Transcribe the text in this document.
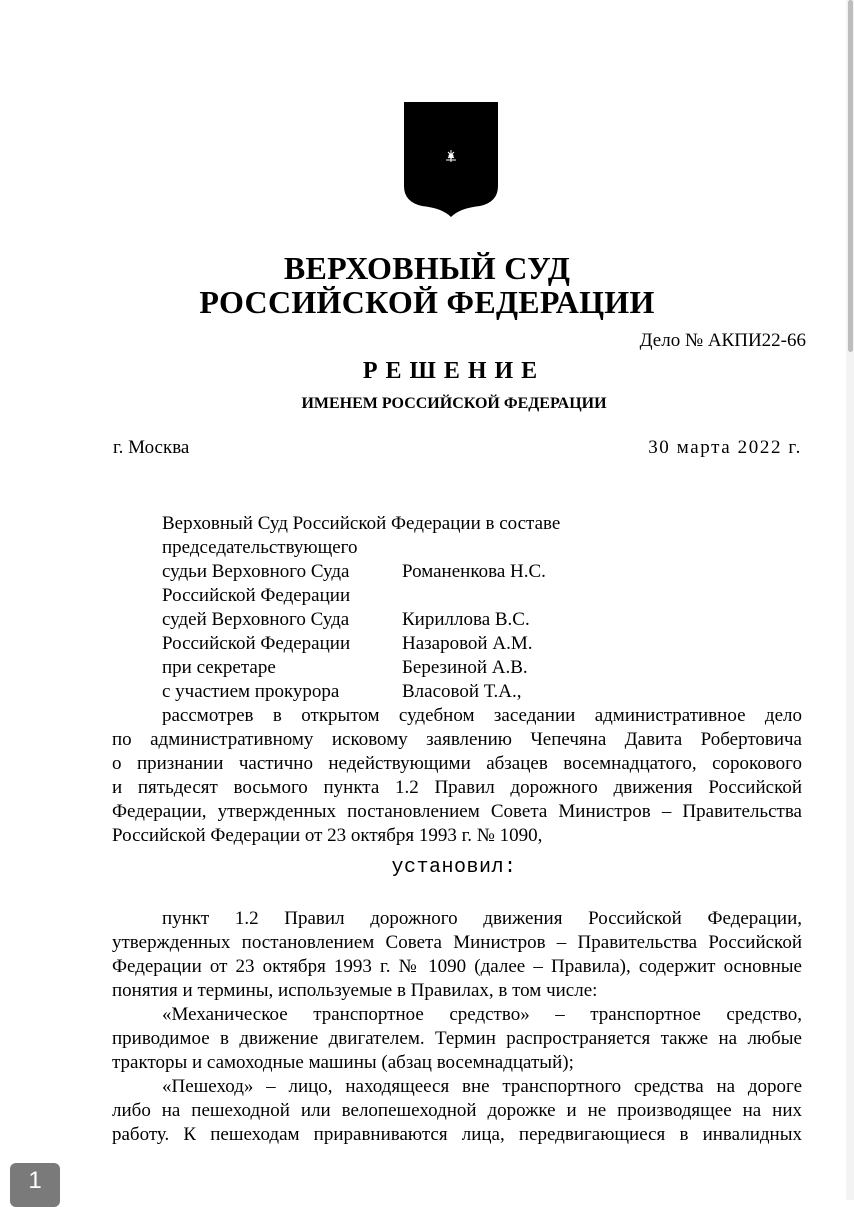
ВЕРХОВНЫЙ СУД
РОССИЙСКОЙ ФЕДЕРАЦИИ
Дело № АКПИ22-66
РЕШЕНИЕ
ИМЕНЕМ РОССИЙСКОЙ ФЕДЕРАЦИИ
г. Москва	30 марта 2022 г.
Верховный Суд Российской Федерации в составе
председательствующего
судьи Верховного Суда	Романенкова Н.С.
Российской Федерации
судей Верховного Суда	Кириллова В.С.
Российской Федерации	Назаровой А.М.
при секретаре	Березиной А.В.
с участием прокурора	Власовой Т.А.,
рассмотрев в открытом судебном заседании административное дело
по административному исковому заявлению Чепечяна Давита Робертовича
о признании частично недействующими абзацев восемнадцатого, сорокового
и пятьдесят восьмого пункта 1.2 Правил дорожного движения Российской
Федерации, утвержденных постановлением Совета Министров – Правительства
Российской Федерации от 23 октября 1993 г. № 1090,
установил:
пункт 1.2 Правил дорожного движения Российской Федерации,
утвержденных постановлением Совета Министров – Правительства Российской
Федерации от 23 октября 1993 г. № 1090 (далее – Правила), содержит основные
понятия и термины, используемые в Правилах, в том числе:
«Механическое транспортное средство» – транспортное средство,
приводимое в движение двигателем. Термин распространяется также на любые
тракторы и самоходные машины (абзац восемнадцатый);
«Пешеход» – лицо, находящееся вне транспортного средства на дороге
либо на пешеходной или велопешеходной дорожке и не производящее на них
работу. К пешеходам приравниваются лица, передвигающиеся в инвалидных
1
